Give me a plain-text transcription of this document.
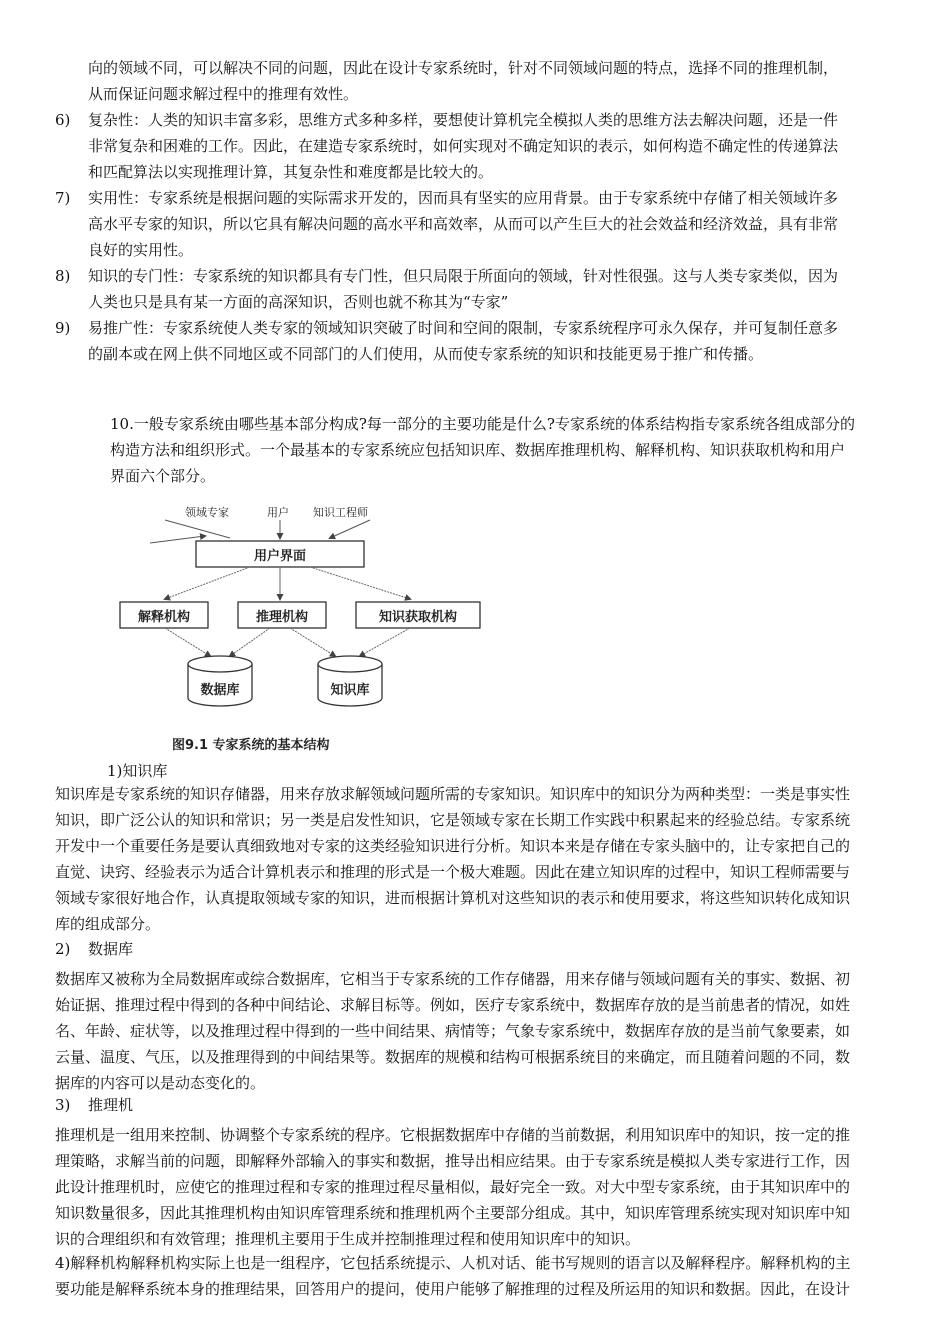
向的领域不同，可以解决不同的问题，因此在设计专家系统时，针对不同领域问题的特点，选择不同的推理机制，
从而保证问题求解过程中的推理有效性。
6) 复杂性：人类的知识丰富多彩，思维方式多种多样，要想使计算机完全模拟人类的思维方法去解决问题，还是一件
非常复杂和困难的工作。因此，在建造专家系统时，如何实现对不确定知识的表示，如何构造不确定性的传递算法
和匹配算法以实现推理计算，其复杂性和难度都是比较大的。
7) 实用性：专家系统是根据问题的实际需求开发的，因而具有坚实的应用背景。由于专家系统中存储了相关领域许多
高水平专家的知识，所以它具有解决问题的高水平和高效率，从而可以产生巨大的社会效益和经济效益，具有非常
良好的实用性。
8) 知识的专门性：专家系统的知识都具有专门性，但只局限于所面向的领域，针对性很强。这与人类专家类似，因为
人类也只是具有某一方面的高深知识，否则也就不称其为“专家”
9) 易推广性：专家系统使人类专家的领域知识突破了时间和空间的限制，专家系统程序可永久保存，并可复制任意多
的副本或在网上供不同地区或不同部门的人们使用，从而使专家系统的知识和技能更易于推广和传播。
10.一般专家系统由哪些基本部分构成?每一部分的主要功能是什么?专家系统的体系结构指专家系统各组成部分的
构造方法和组织形式。一个最基本的专家系统应包括知识库、数据库推理机构、解释机构、知识获取机构和用户
界面六个部分。
领域专家	用户 知识工程师
用户界面
解释机构	推理机构	知识获取机构
数据库	知识库
图9.1 专家系统的基本结构
1)知识库
知识库是专家系统的知识存储器，用来存放求解领域问题所需的专家知识。知识库中的知识分为两种类型：一类是事实性
知识，即广泛公认的知识和常识；另一类是启发性知识，它是领域专家在长期工作实践中积累起来的经验总结。专家系统
开发中一个重要任务是要认真细致地对专家的这类经验知识进行分析。知识本来是存储在专家头脑中的，让专家把自己的
直觉、诀窍、经验表示为适合计算机表示和推理的形式是一个极大难题。因此在建立知识库的过程中，知识工程师需要与
领域专家很好地合作，认真提取领域专家的知识，进而根据计算机对这些知识的表示和使用要求，将这些知识转化成知识
库的组成部分。
2) 数据库
数据库又被称为全局数据库或综合数据库，它相当于专家系统的工作存储器，用来存储与领域问题有关的事实、数据、初
始证据、推理过程中得到的各种中间结论、求解目标等。例如，医疗专家系统中，数据库存放的是当前患者的情况，如姓
名、年龄、症状等，以及推理过程中得到的一些中间结果、病情等；气象专家系统中，数据库存放的是当前气象要素，如
云量、温度、气压，以及推理得到的中间结果等。数据库的规模和结构可根据系统目的来确定，而且随着问题的不同，数
据库的内容可以是动态变化的。
3) 推理机
推理机是一组用来控制、协调整个专家系统的程序。它根据数据库中存储的当前数据，利用知识库中的知识，按一定的推
理策略，求解当前的问题，即解释外部输入的事实和数据，推导出相应结果。由于专家系统是模拟人类专家进行工作，因
此设计推理机时，应使它的推理过程和专家的推理过程尽量相似，最好完全一致。对大中型专家系统，由于其知识库中的
知识数量很多，因此其推理机构由知识库管理系统和推理机两个主要部分组成。其中，知识库管理系统实现对知识库中知
识的合理组织和有效管理；推理机主要用于生成并控制推理过程和使用知识库中的知识。
4)解释机构解释机构实际上也是一组程序，它包括系统提示、人机对话、能书写规则的语言以及解释程序。解释机构的主
要功能是解释系统本身的推理结果，回答用户的提问，使用户能够了解推理的过程及所运用的知识和数据。因此，在设计
